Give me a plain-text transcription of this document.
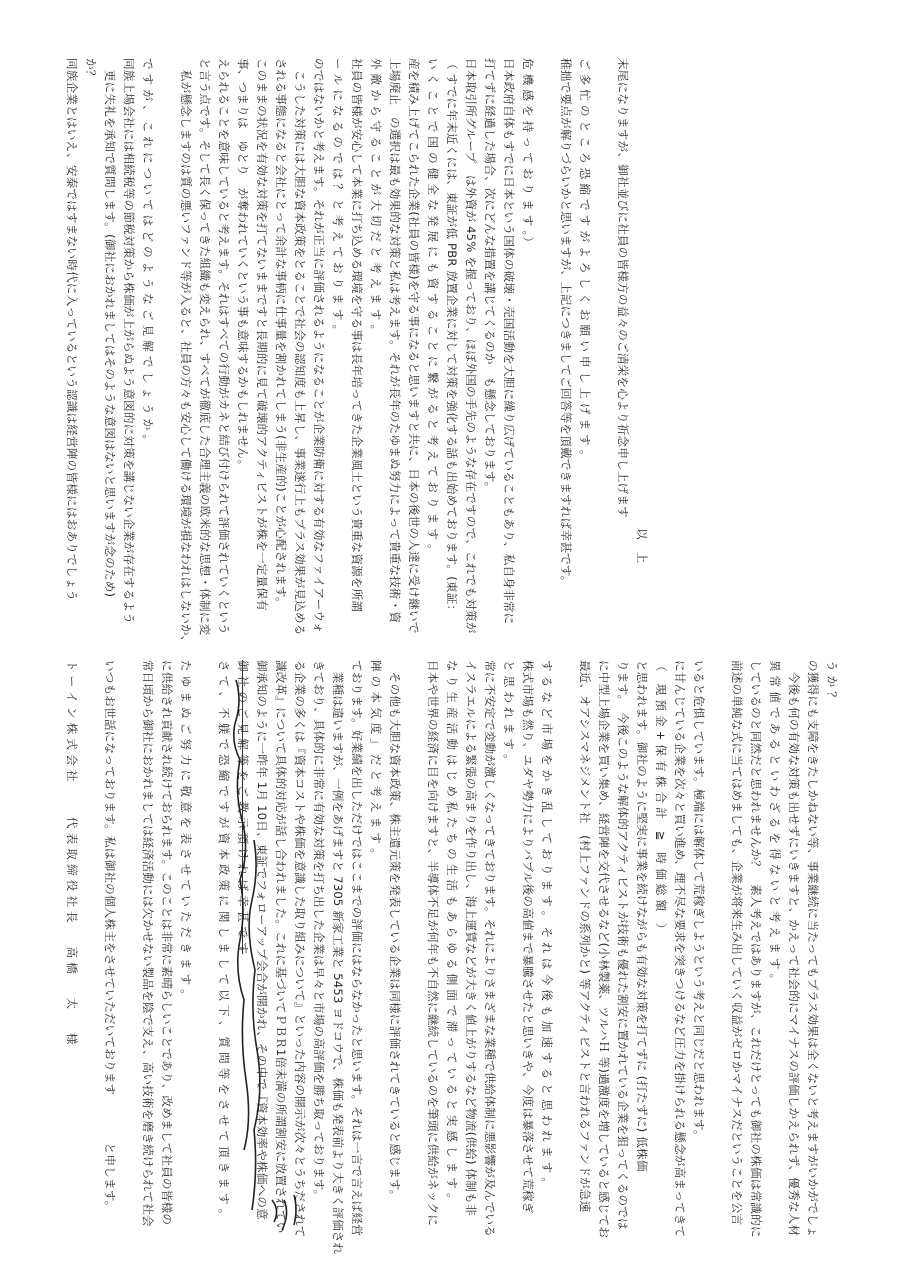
同族企業とはいえ、安泰ではすまない時代に入っているという認識は経営陣の皆様にはおありでしょう か？ 　更に失礼を承知で質問します。(御社におかれましてはそのような意図はないと思いますが念のため) 同族上場会社には相続税等の節税対策から株価が上がらぬよう意図的に対策を講じない企業が存在するよう で す が 、 こ れ に つ い て は ど の よ う な ご 見 解 で し ょ う か 。 　私が懸念しますのは質の悪いファンド等が入ると、社員の方々も安心して働ける環境が損なわれはしないか、 と言う点です。そして長く保ってきた組織も変えられ、すべてが徹底した合理主義の欧米的な思想・体制に変 えられることを意味していると考えます。それはすべての行動がカネと結び付けられて評価されていくという 事、つまりは　ゆとり　が奪われていくという事も意味するかもしれません。 このままの状況を有効な対策を打てないままですと長期的に見て破壊的アクティビストが株を一定量保有 される事態になると会社にとって余計な事柄に仕事量を割かれてしまう(非生産的)ことが心配されます。 　こうした対策には大胆な資本政策をとることで社会の認知度も上昇し、事業遂行上もプラス効果が見込める のではないかと考えます。それが正当に評価されるようになることが企業防衛に対する有効なファイアーウォ ー ル に な る の で は ？ と 考 え て お り ま す 。 社員の皆様が安心して本業に打ち込める環境を守る事は長年培ってきた企業風土という貴重な資源を所謂 外 敵 か ら 守 る こ と が 大 切 だ と 考 え ま す 。 上場廃止　の選択は最も効果的な対策と私は考えます。それが長年のたゆまぬ努力によって貴重な技術・資 産を積み上げてこられた企業(社員の皆様)を守る事になると思いますと共に、日本の後世の人達に受け継いで い く こ と で 国 の 健 全 な 発 展 に も 資 す る こ と に 繋 が る と 考 え て お り ま す 。 （ すでに年末近くには、東証が低 PBR 放置企業に対して対策を強化する話も出始めております。(東証： 日本取引所グループ　は外資が 45% を握っており、ほぼ外国の手先のような存在ですので、これでも対策が 打てずに経過した場合、次にどんな措置を講じてくるのか　も懸念しております。 日本政府自体もすでに日本という国体の破壊・売国活動を大胆に繰り広げていることもあり、私自身非常に 危 機 感 を 持 っ て お り ま す 。） 稚拙で要点が解りづらいかと思いますが、上記につきましてご回答等を頂戴できますれば幸甚です。 ご 多 忙 の と こ ろ 恐 縮 で す が よ ろ し く お 願 い 申 し 上 げ ま す 。 末尾になりますが、御社並びに社員の皆様方の益々のご清栄を心より祈念申し上げます
以　上
ト ー イ ン 株 式 会 社　　　代 表 取 締 役 社 長　　高 橋　　太　　様 いつもお世話になっております。私は御社の個人株主をさせていただいております　　　　と申します。 常日頃から御社におかれましては経済活動には欠かせない製品を陰で支え、高い技術を磨き続けられて社会 に供給され貢献され続けておられます。このことは非常に素晴らしいことであり、改めまして社員の皆様の た ゆ ま ぬ ご 努 力 に 敬 意 を 表 さ せ て い た だ き ま す 。 さ て 、 不 躾 で 恐 縮 で す が 資 本 政 策 に 関 し ま し て 以 下 、 質 問 等 を さ せ て 頂 き ま す 。 御 社 の ご 見 解 等 を ご 教 示 頂 け れ ば 幸 甚 で す 御承知のように一昨年 1月 10日、東証でフォローアップ会合が開かれ、その中で『資本効率や株価への意 識改革』について具体的対応が話し合われました。これに基づいてＰＢＲ1倍未満の所謂割安に放置されてい る企業の多くは『資本コストや株価を意識した取り組みについて』といった内容の開示が次々とうちだされて きており、具体的に非常に有効な対策を打ち出した企業は早々と市場の高評価を勝ち取っております。 　業種は違いますが、一例をあげますと 7305 新家工業と 5453 ヨドコウで、株価も発表前より大きく評価され ております。好業績を出しただけではここまでの評価にはならなかったと思います。それは一言で言えば経営 陣 の 本 気 度 」 だ と 考 え ま す 。 　その他も大胆な資本政策、株主還元策を発表している企業は同様に評価されてきていると感じます。 日本や世界の経済に目を向けますと、半導体不足が何年も不自然に継続しているのを筆頭に供給がネックに な り 生 産 活 動 は じ め 私 た ち の 生 活 も あ ら ゆ る 側 面 で 滞 っ て い る と 実 感 し ま す 。 イスラエルによる緊張の高まりを作り出し、海上運賃などが大きく値上がりするなど物流(供給) 体制も非 常に不安定で変動が激しくなってきております。それによりさまざまな業種で供給体制に悪影響が及んでいる と 思 わ れ ま す 。 株式市場も然り、ユダヤ勢力によりバブル後の高値まで暴騰させたと思いきや、今度は暴落させて荒稼ぎ す る な ど 市 場 を か き 乱 し て お り ま す 。 そ れ は 今 後 も 加 速 す る と 思 わ れ ま す 。 最近、オアシスマネジメント社　(村上ファンドの系列かと) 等アクティビストと言われるファンドが急速 に中型上場企業を買い集め、経営陣を交代させるなど(小林製薬、ツルハＨ 等)過激度を増していると感じてお ります。　今後このような解体的アクティビストが技術も優れた割安に置かれている企業を狙ってくるのでは と思われます。御社のように堅実に事業を続けながらも有効な対策を打てずに (打たずに) 低株価 （　現 預 金 + 保 有 株 合 計　≧　時 価 総 額　） に甘んじている企業を次々と買い進め、理不尽な要求を突きつけるなど圧力を掛けられる懸念が高まってきて いると危惧しています。極端には解体して荒稼ぎしようという考えと同じだと思われます。 前述の単純な式に当てはめましても、企業が将来生み出していく収益がゼロかマイナスだということを公言 しているのと同然だと思われませんか？　素人考えではありますが、これだけとっても御社の株価は常識的に 異 常 値 で あ る と い わ ざ る を 得 な い と 考 え ま す 。 　今後も何の有効な対策も出せずにいきますと、かえって社会的にマイナスの評価しかえられず、優秀な人材 の獲得にも支障をきたしかねない等、事業継続に当たってもプラス効果は全くないと考えますがいかがでしょ う か ？
